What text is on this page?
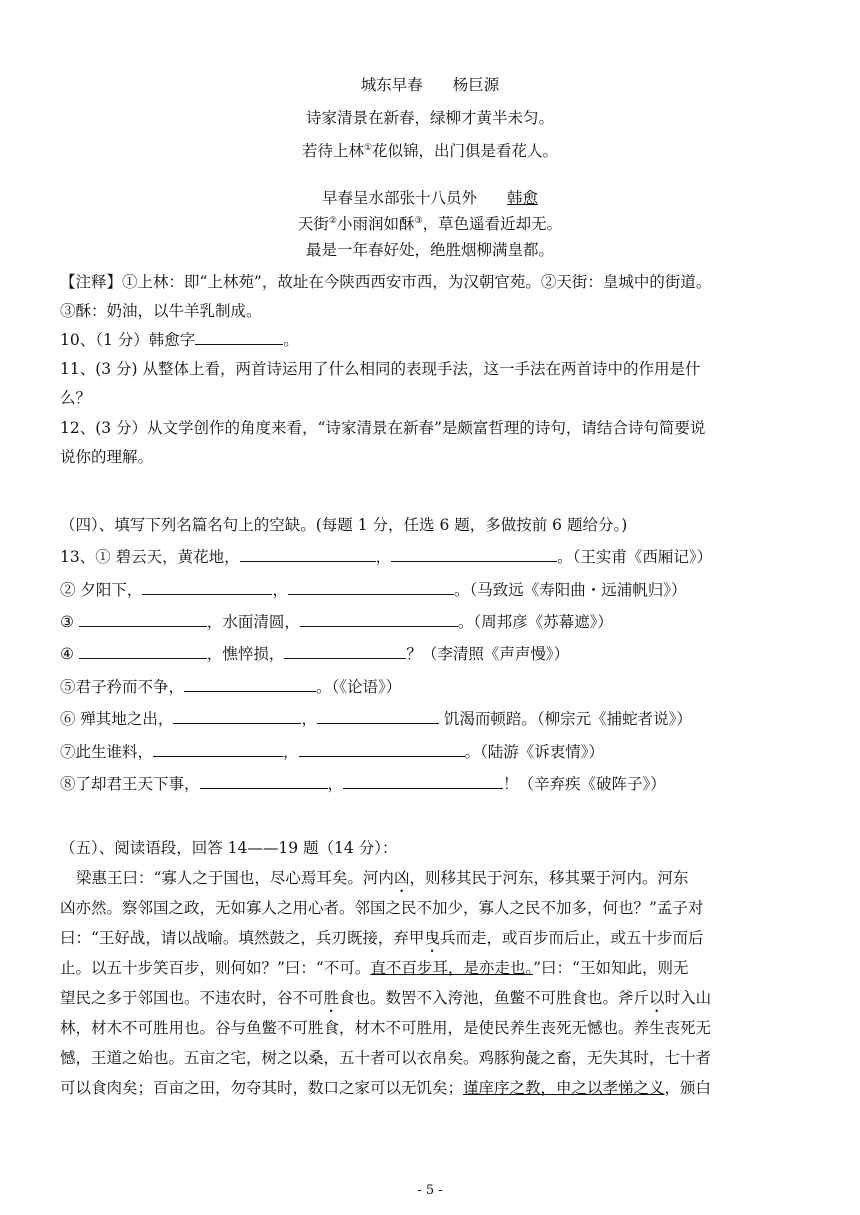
城东早春 杨巨源
诗家清景在新春，绿柳才黄半未匀。
若待上林①花似锦，出门俱是看花人。
早春呈水部张十八员外 韩愈
天街②小雨润如酥③，草色遥看近却无。
最是一年春好处，绝胜烟柳满皇都。
【注释】①上林：即“上林苑”，故址在今陕西西安市西，为汉朝官苑。②天街：皇城中的街道。
③酥：奶油，以牛羊乳制成。
10、（1 分）韩愈字	。
11、(3 分) 从整体上看，两首诗运用了什么相同的表现手法，这一手法在两首诗中的作用是什
么？
12、(3 分）从文学创作的角度来看，“诗家清景在新春”是颇富哲理的诗句，请结合诗句简要说
说你的理解。
（四）、填写下列名篇名句上的空缺。(每题 1 分，任选 6 题，多做按前 6 题给分。)
13、① 碧云天，黄花地，	，	。（王实甫《西厢记》）
② 夕阳下，	，	。（马致远《寿阳曲・远浦帆归》）
③	，水面清圆，	。（周邦彦《苏幕遮》）
④	，憔悴损，	？（李清照《声声慢》）
⑤君子矜而不争，	。（《论语》）
⑥ 殚其地之出，	，	饥渴而顿踣。（柳宗元《捕蛇者说》）
⑦此生谁料，	，	。（陆游《诉衷情》）
⑧了却君王天下事，	，	！（辛弃疾《破阵子》）
（五）、阅读语段，回答 14——19 题（14 分）：
梁惠王曰：“寡人之于国也，尽心焉耳矣。河内凶，则移其民于河东，移其粟于河内。河东
凶亦然。察邻国之政，无如寡人之用心者。邻国之民不加少，寡人之民不加多，何也？”孟子对
曰：“王好战，请以战喻。填然鼓之，兵刃既接，弃甲曳兵而走，或百步而后止，或五十步而后
止。以五十步笑百步，则何如？”曰：“不可。直不百步耳，是亦走也。”曰：“王如知此，则无
望民之多于邻国也。不违农时，谷不可胜食也。数罟不入洿池，鱼鳖不可胜食也。斧斤以时入山
林，材木不可胜用也。谷与鱼鳖不可胜食，材木不可胜用，是使民养生丧死无憾也。养生丧死无
憾，王道之始也。五亩之宅，树之以桑，五十者可以衣帛矣。鸡豚狗彘之畜，无失其时，七十者
可以食肉矣；百亩之田，勿夺其时，数口之家可以无饥矣；谨庠序之教，申之以孝悌之义，颁白
- 5 -
